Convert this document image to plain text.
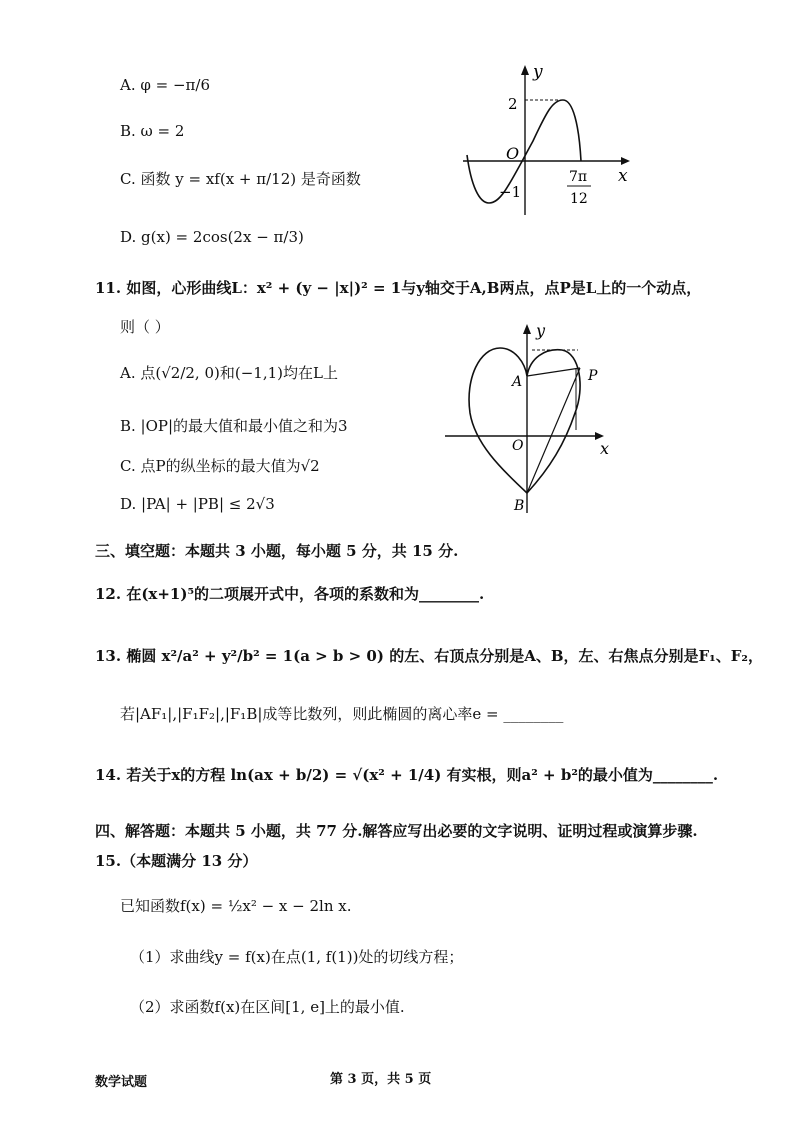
A. φ = −π/6
B. ω = 2
C. 函数 y = xf(x + π/12) 是奇函数
D. g(x) = 2cos(2x − π/3)
y
x
O
2
−1
7π
12
11. 如图，心形曲线L：x² + (y − |x|)² = 1与y轴交于A,B两点，点P是L上的一个动点，
则（ ）
A. 点(√2/2, 0)和(−1,1)均在L上
B. |OP|的最大值和最小值之和为3
C. 点P的纵坐标的最大值为√2
D. |PA| + |PB| ≤ 2√3
y
x
O
A
B
P
三、填空题：本题共 3 小题，每小题 5 分，共 15 分.
12. 在(x+1)⁵的二项展开式中，各项的系数和为________.
13. 椭圆 x²/a² + y²/b² = 1(a > b > 0) 的左、右顶点分别是A、B，左、右焦点分别是F₁、F₂，
若|AF₁|,|F₁F₂|,|F₁B|成等比数列，则此椭圆的离心率e = ________
14. 若关于x的方程 ln(ax + b/2) = √(x² + 1/4) 有实根，则a² + b²的最小值为________.
四、解答题：本题共 5 小题，共 77 分.解答应写出必要的文字说明、证明过程或演算步骤.
15.（本题满分 13 分）
已知函数f(x) = ½x² − x − 2ln x.
（1）求曲线y = f(x)在点(1, f(1))处的切线方程；
（2）求函数f(x)在区间[1, e]上的最小值.
数学试题	第 3 页，共 5 页
